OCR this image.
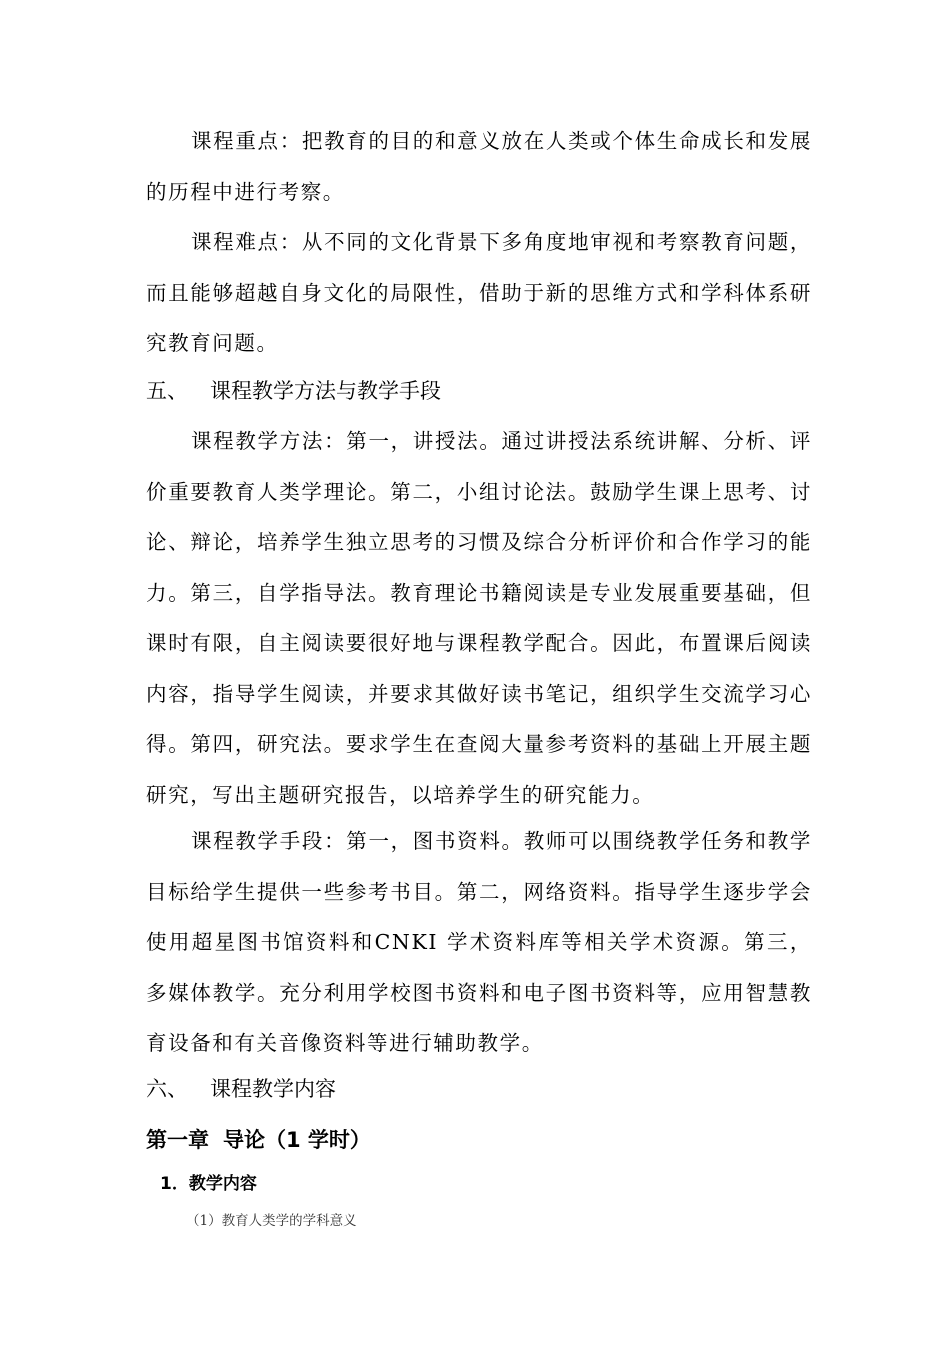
课程重点：把教育的目的和意义放在人类或个体生命成长和发展的历程中进行考察。

课程难点：从不同的文化背景下多角度地审视和考察教育问题，而且能够超越自身文化的局限性，借助于新的思维方式和学科体系研究教育问题。

五、 课程教学方法与教学手段

课程教学方法：第一，讲授法。通过讲授法系统讲解、分析、评价重要教育人类学理论。第二，小组讨论法。鼓励学生课上思考、讨论、辩论，培养学生独立思考的习惯及综合分析评价和合作学习的能力。第三，自学指导法。教育理论书籍阅读是专业发展重要基础，但课时有限，自主阅读要很好地与课程教学配合。因此，布置课后阅读内容，指导学生阅读，并要求其做好读书笔记，组织学生交流学习心得。第四，研究法。要求学生在查阅大量参考资料的基础上开展主题研究，写出主题研究报告，以培养学生的研究能力。

课程教学手段：第一，图书资料。教师可以围绕教学任务和教学目标给学生提供一些参考书目。第二，网络资料。指导学生逐步学会使用超星图书馆资料和CNKI 学术资料库等相关学术资源。第三，多媒体教学。充分利用学校图书资料和电子图书资料等，应用智慧教育设备和有关音像资料等进行辅助教学。

六、 课程教学内容
第一章 导论（1 学时）
1．教学内容

（1）教育人类学的学科意义
